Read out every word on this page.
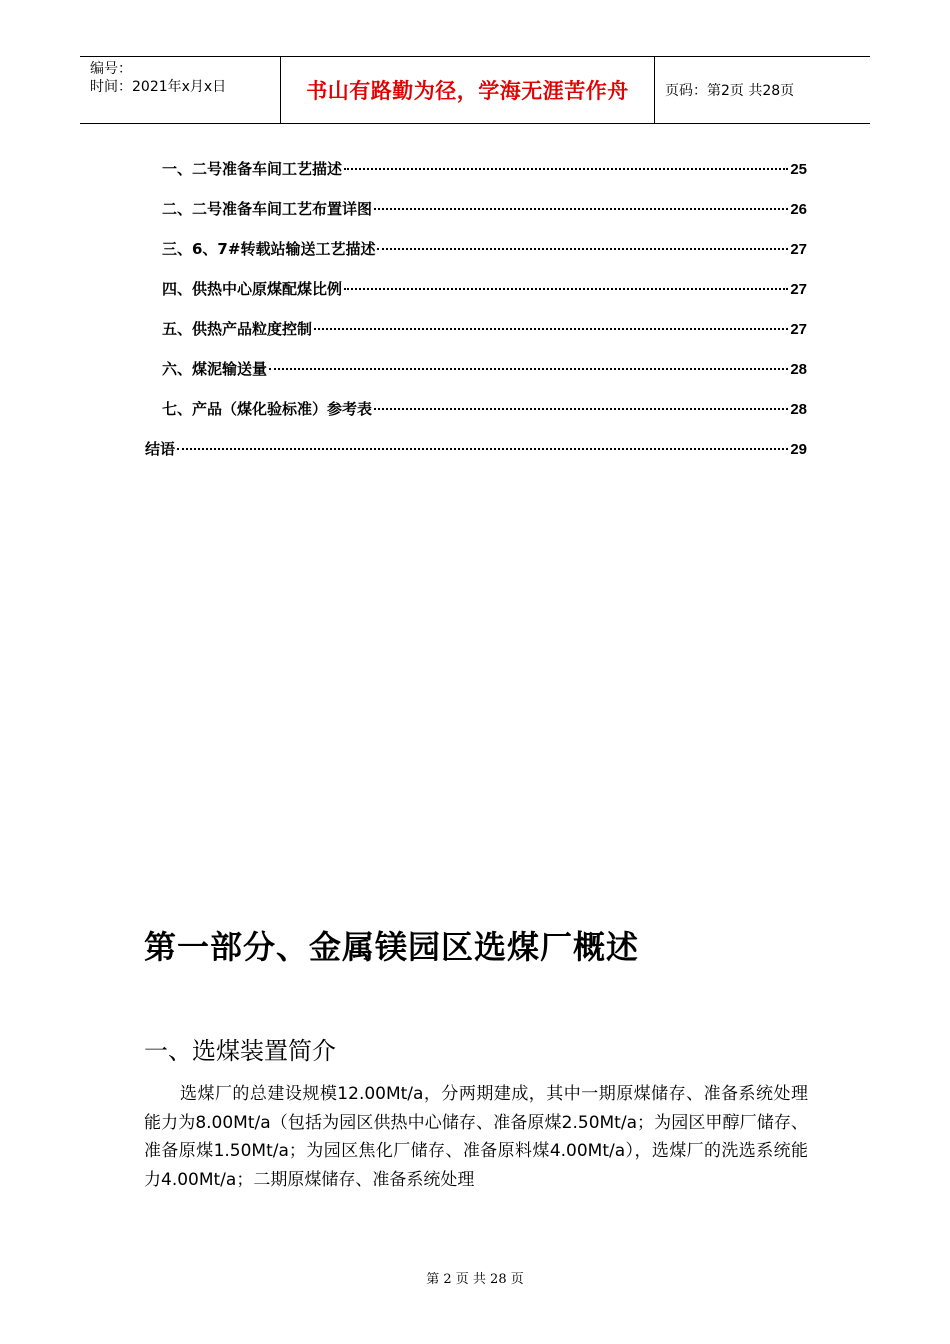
编号：
时间：2021年x月x日	书山有路勤为径，学海无涯苦作舟	页码：第2页 共28页
一、二号准备车间工艺描述	25
二、二号准备车间工艺布置详图	26
三、6、7#转载站输送工艺描述	27
四、供热中心原煤配煤比例	27
五、供热产品粒度控制	27
六、煤泥输送量	28
七、产品（煤化验标准）参考表	28
结语	29
第一部分、金属镁园区选煤厂概述
一、选煤装置简介

选煤厂的总建设规模12.00Mt/a，分两期建成，其中一期原煤储存、准备系统处理能力为8.00Mt/a（包括为园区供热中心储存、准备原煤2.50Mt/a；为园区甲醇厂储存、准备原煤1.50Mt/a；为园区焦化厂储存、准备原料煤4.00Mt/a），选煤厂的洗选系统能力4.00Mt/a；二期原煤储存、准备系统处理

第 2 页 共 28 页
